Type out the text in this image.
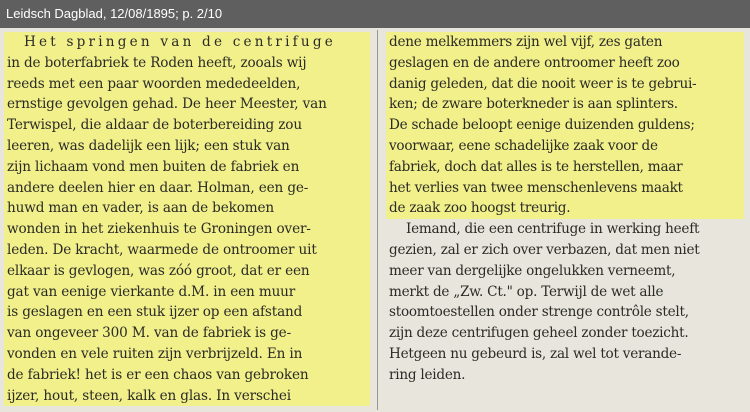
Leidsch Dagblad, 12/08/1895; p. 2/10
Het springen van de centrifuge
in de boterfabriek te Roden heeft, zooals wij
reeds met een paar woorden mededeelden,
ernstige gevolgen gehad. De heer Meester, van
Terwispel, die aldaar de boterbereiding zou
leeren, was dadelijk een lijk; een stuk van
zijn lichaam vond men buiten de fabriek en
andere deelen hier en daar. Holman, een ge-
huwd man en vader, is aan de bekomen
wonden in het ziekenhuis te Groningen over-
leden. De kracht, waarmede de ontroomer uit
elkaar is gevlogen, was zóó groot, dat er een
gat van eenige vierkante d.M. in een muur
is geslagen en een stuk ijzer op een afstand
van ongeveer 300 M. van de fabriek is ge-
vonden en vele ruiten zijn verbrijzeld. En in
de fabriek! het is er een chaos van gebroken
ijzer, hout, steen, kalk en glas. In verschei
dene melkemmers zijn wel vijf, zes gaten
geslagen en de andere ontroomer heeft zoo
danig geleden, dat die nooit weer is te gebrui-
ken; de zware boterkneder is aan splinters.
De schade beloopt eenige duizenden guldens;
voorwaar, eene schadelijke zaak voor de
fabriek, doch dat alles is te herstellen, maar
het verlies van twee menschenlevens maakt
de zaak zoo hoogst treurig.
Iemand, die een centrifuge in werking heeft
gezien, zal er zich over verbazen, dat men niet
meer van dergelijke ongelukken verneemt,
merkt de „Zw. Ct." op. Terwijl de wet alle
stoomtoestellen onder strenge contrôle stelt,
zijn deze centrifugen geheel zonder toezicht.
Hetgeen nu gebeurd is, zal wel tot verande-
ring leiden.
